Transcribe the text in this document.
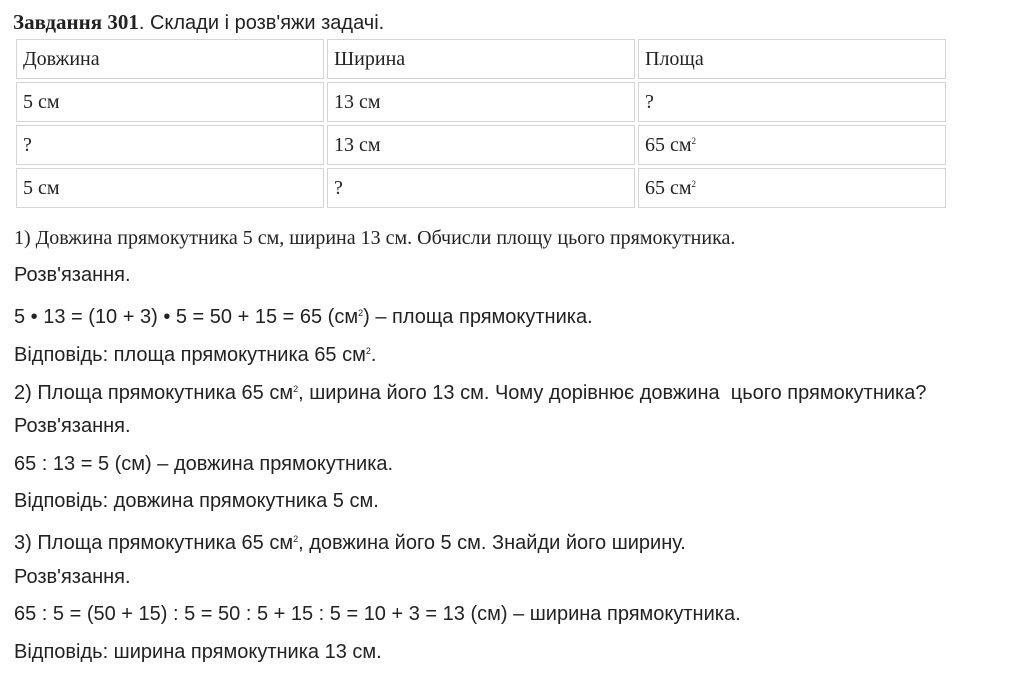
Завдання 301. Склади і розв'яжи задачі.
Довжина	Ширина	Площа
5 см	13 см	?
?	13 см	65 $см^2$
5 см	?	65 $см^2$
1) Довжина прямокутника 5 см, ширина 13 см. Обчисли площу цього прямокутника.
Розв'язання.
5 • 13 = (10 + 3) • 5 = 50 + 15 = 65 $(см^2)$ – площа прямокутника.
Відповідь: площа прямокутника 65 $см^2$.
2) Площа прямокутника 65 $см^2$, ширина його 13 см. Чому дорівнює довжина  цього прямокутника?
Розв'язання.
65 : 13 = 5 (см) – довжина прямокутника.
Відповідь: довжина прямокутника 5 см.
3) Площа прямокутника 65 $см^2$, довжина його 5 см. Знайди його ширину.
Розв'язання.
65 : 5 = (50 + 15) : 5 = 50 : 5 + 15 : 5 = 10 + 3 = 13 (см) – ширина прямокутника.
Відповідь: ширина прямокутника 13 см.
